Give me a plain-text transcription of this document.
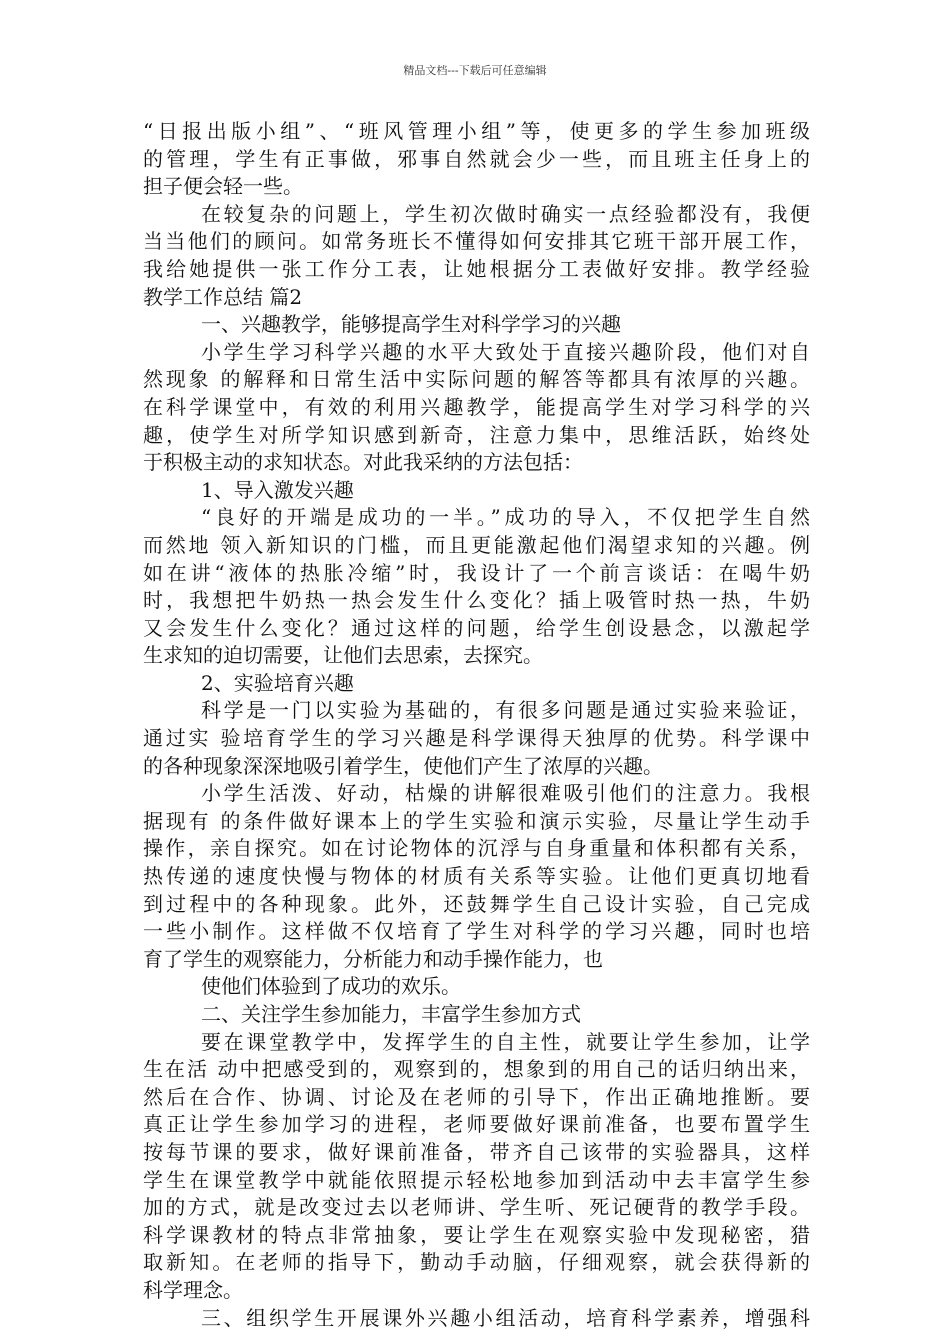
精品文档---下载后可任意编辑
“日报出版小组”、“班风管理小组”等，使更多的学生参加班级
的管理，学生有正事做，邪事自然就会少一些，而且班主任身上的
担子便会轻一些。
在较复杂的问题上，学生初次做时确实一点经验都没有，我便
当当他们的顾问。如常务班长不懂得如何安排其它班干部开展工作，
我给她提供一张工作分工表，让她根据分工表做好安排。教学经验
教学工作总结 篇2
一、兴趣教学，能够提高学生对科学学习的兴趣
小学生学习科学兴趣的水平大致处于直接兴趣阶段，他们对自
然现象 的解释和日常生活中实际问题的解答等都具有浓厚的兴趣。
在科学课堂中，有效的利用兴趣教学，能提高学生对学习科学的兴
趣，使学生对所学知识感到新奇，注意力集中，思维活跃，始终处
于积极主动的求知状态。对此我采纳的方法包括：
1、导入激发兴趣
“良好的开端是成功的一半。”成功的导入，不仅把学生自然
而然地 领入新知识的门槛，而且更能激起他们渴望求知的兴趣。例
如在讲“液体的热胀冷缩”时，我设计了一个前言谈话：在喝牛奶
时，我想把牛奶热一热会发生什么变化？插上吸管时热一热，牛奶
又会发生什么变化？通过这样的问题，给学生创设悬念，以激起学
生求知的迫切需要，让他们去思索，去探究。
2、实验培育兴趣
科学是一门以实验为基础的，有很多问题是通过实验来验证，
通过实 验培育学生的学习兴趣是科学课得天独厚的优势。科学课中
的各种现象深深地吸引着学生，使他们产生了浓厚的兴趣。
小学生活泼、好动，枯燥的讲解很难吸引他们的注意力。我根
据现有 的条件做好课本上的学生实验和演示实验，尽量让学生动手
操作，亲自探究。如在讨论物体的沉浮与自身重量和体积都有关系，
热传递的速度快慢与物体的材质有关系等实验。让他们更真切地看
到过程中的各种现象。此外，还鼓舞学生自己设计实验，自己完成
一些小制作。这样做不仅培育了学生对科学的学习兴趣，同时也培
育了学生的观察能力，分析能力和动手操作能力，也
使他们体验到了成功的欢乐。
二、关注学生参加能力，丰富学生参加方式
要在课堂教学中，发挥学生的自主性，就要让学生参加，让学
生在活 动中把感受到的，观察到的，想象到的用自己的话归纳出来，
然后在合作、协调、讨论及在老师的引导下，作出正确地推断。要
真正让学生参加学习的进程，老师要做好课前准备，也要布置学生
按每节课的要求，做好课前准备，带齐自己该带的实验器具，这样
学生在课堂教学中就能依照提示轻松地参加到活动中去丰富学生参
加的方式，就是改变过去以老师讲、学生听、死记硬背的教学手段。
科学课教材的特点非常抽象，要让学生在观察实验中发现秘密，猎
取新知。在老师的指导下，勤动手动脑，仔细观察，就会获得新的
科学理念。
三、组织学生开展课外兴趣小组活动，培育科学素养，增强科
